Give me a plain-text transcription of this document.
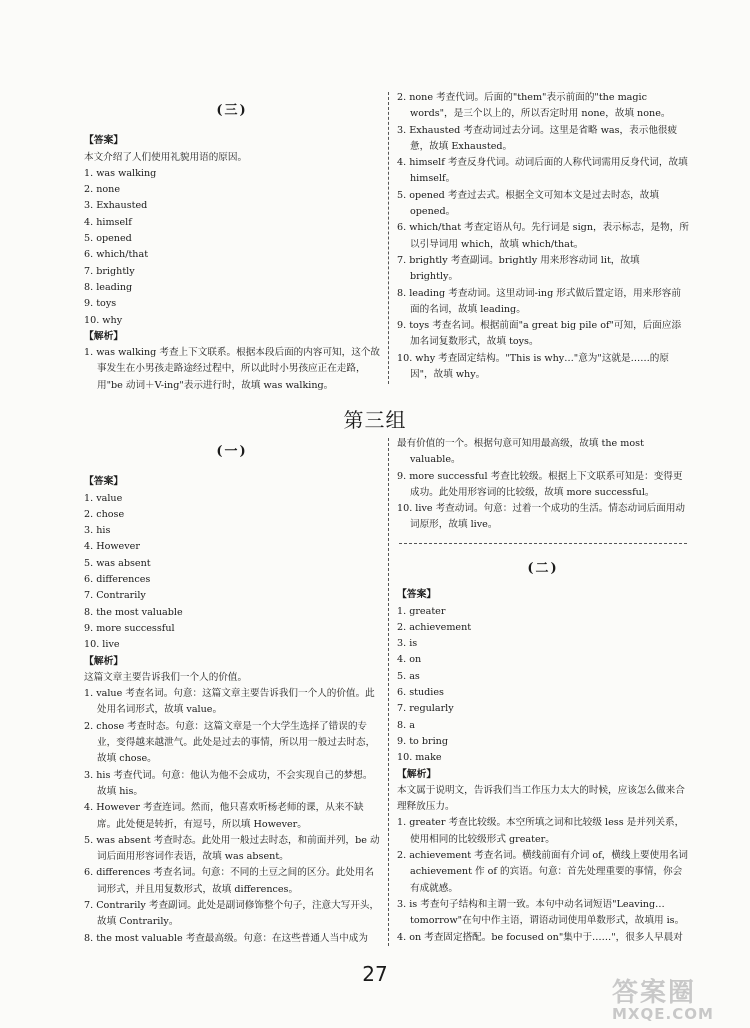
(三)

【答案】

本文介绍了人们使用礼貌用语的原因。

1. was walking

2. none

3. Exhausted

4. himself

5. opened

6. which/that

7. brightly

8. leading

9. toys

10. why

【解析】

1. was walking 考查上下文联系。根据本段后面的内容可知，这个故事发生在小男孩走路途经过程中，所以此时小男孩应正在走路，用"be 动词＋V-ing"表示进行时，故填 was walking。

2. none 考查代词。后面的"them"表示前面的"the magic words"，是三个以上的，所以否定时用 none，故填 none。

3. Exhausted 考查动词过去分词。这里是省略 was，表示他很疲惫，故填 Exhausted。

4. himself 考查反身代词。动词后面的人称代词需用反身代词，故填 himself。

5. opened 考查过去式。根据全文可知本文是过去时态，故填 opened。

6. which/that 考查定语从句。先行词是 sign，表示标志，是物，所以引导词用 which，故填 which/that。

7. brightly 考查副词。brightly 用来形容动词 lit，故填 brightly。

8. leading 考查动词。这里动词-ing 形式做后置定语，用来形容前面的名词，故填 leading。

9. toys 考查名词。根据前面"a great big pile of"可知，后面应添加名词复数形式，故填 toys。

10. why 考查固定结构。"This is why…"意为"这就是……的原因"，故填 why。

第三组

(一)

【答案】

1. value

2. chose

3. his

4. However

5. was absent

6. differences

7. Contrarily

8. the most valuable

9. more successful

10. live

【解析】

这篇文章主要告诉我们一个人的价值。

1. value 考查名词。句意：这篇文章主要告诉我们一个人的价值。此处用名词形式，故填 value。

2. chose 考查时态。句意：这篇文章是一个大学生选择了错误的专业，变得越来越泄气。此处是过去的事情，所以用一般过去时态，故填 chose。

3. his 考查代词。句意：他认为他不会成功，不会实现自己的梦想。故填 his。

4. However 考查连词。然而，他只喜欢听杨老师的课，从来不缺席。此处便是转折，有逗号，所以填 However。

5. was absent 考查时态。此处用一般过去时态，和前面并列，be 动词后面用形容词作表语，故填 was absent。

6. differences 考查名词。句意：不同的土豆之间的区分。此处用名词形式，并且用复数形式，故填 differences。

7. Contrarily 考查副词。此处是副词修饰整个句子，注意大写开头，故填 Contrarily。

8. the most valuable 考查最高级。句意：在这些普通人当中成为

最有价值的一个。根据句意可知用最高级，故填 the most valuable。

9. more successful 考查比较级。根据上下文联系可知是：变得更成功。此处用形容词的比较级，故填 more successful。

10. live 考查动词。句意：过着一个成功的生活。情态动词后面用动词原形，故填 live。

(二)

【答案】

1. greater

2. achievement

3. is

4. on

5. as

6. studies

7. regularly

8. a

9. to bring

10. make

【解析】

本文属于说明文，告诉我们当工作压力太大的时候，应该怎么做来合理释放压力。

1. greater 考查比较级。本空所填之词和比较级 less 是并列关系，使用相同的比较级形式 greater。

2. achievement 考查名词。横线前面有介词 of，横线上要使用名词 achievement 作 of 的宾语。句意：首先处理重要的事情，你会有成就感。

3. is 考查句子结构和主谓一致。本句中动名词短语"Leaving…tomorrow"在句中作主语，谓语动词使用单数形式，故填用 is。

4. on 考查固定搭配。be focused on"集中于……"，很多人早晨对

27
答案圈
MXQE.COM
